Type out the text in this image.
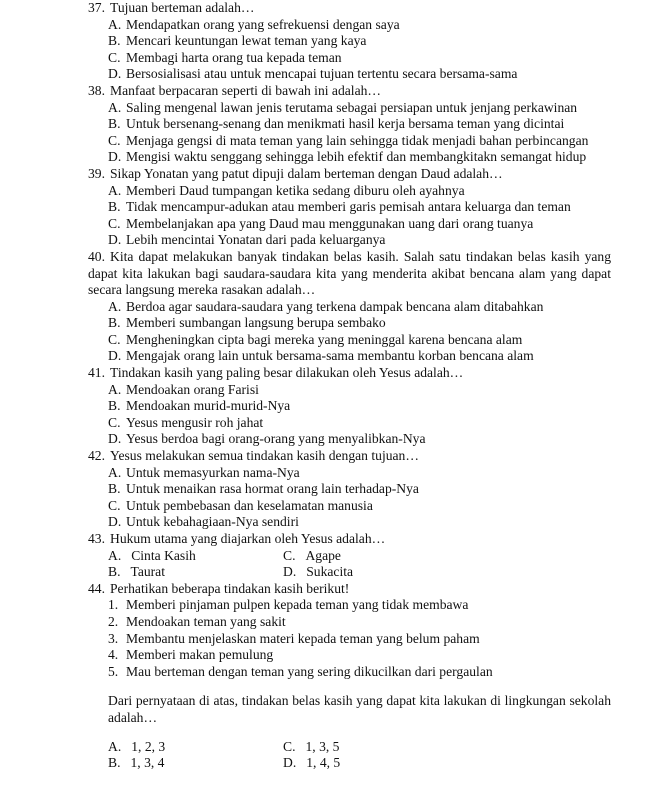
37. Tujuan berteman adalah…
A. Mendapatkan orang yang sefrekuensi dengan saya
B. Mencari keuntungan lewat teman yang kaya
C. Membagi harta orang tua kepada teman
D. Bersosialisasi atau untuk mencapai tujuan tertentu secara bersama-sama
38. Manfaat berpacaran seperti di bawah ini adalah…
A. Saling mengenal lawan jenis terutama sebagai persiapan untuk jenjang perkawinan
B. Untuk bersenang-senang dan menikmati hasil kerja bersama teman yang dicintai
C. Menjaga gengsi di mata teman yang lain sehingga tidak menjadi bahan perbincangan
D. Mengisi waktu senggang sehingga lebih efektif dan membangkitakn semangat hidup
39. Sikap Yonatan yang patut dipuji dalam berteman dengan Daud adalah…
A. Memberi Daud tumpangan ketika sedang diburu oleh ayahnya
B. Tidak mencampur-adukan atau memberi garis pemisah antara keluarga dan teman
C. Membelanjakan apa yang Daud mau menggunakan uang dari orang tuanya
D. Lebih mencintai Yonatan dari pada keluarganya
40. Kita dapat melakukan banyak tindakan belas kasih. Salah satu tindakan belas kasih yang dapat kita lakukan bagi saudara-saudara kita yang menderita akibat bencana alam yang dapat secara langsung mereka rasakan adalah…
A. Berdoa agar saudara-saudara yang terkena dampak bencana alam ditabahkan
B. Memberi sumbangan langsung berupa sembako
C. Mengheningkan cipta bagi mereka yang meninggal karena bencana alam
D. Mengajak orang lain untuk bersama-sama membantu korban bencana alam
41. Tindakan kasih yang paling besar dilakukan oleh Yesus adalah…
A. Mendoakan orang Farisi
B. Mendoakan murid-murid-Nya
C. Yesus mengusir roh jahat
D. Yesus berdoa bagi orang-orang yang menyalibkan-Nya
42. Yesus melakukan semua tindakan kasih dengan tujuan…
A. Untuk memasyurkan nama-Nya
B. Untuk menaikan rasa hormat orang lain terhadap-Nya
C. Untuk pembebasan dan keselamatan manusia
D. Untuk kebahagiaan-Nya sendiri
43. Hukum utama yang diajarkan oleh Yesus adalah…
A. Cinta Kasih	C. Agape
B. Taurat	D. Sukacita
44. Perhatikan beberapa tindakan kasih berikut!
1. Memberi pinjaman pulpen kepada teman yang tidak membawa
2. Mendoakan teman yang sakit
3. Membantu menjelaskan materi kepada teman yang belum paham
4. Memberi makan pemulung
5. Mau berteman dengan teman yang sering dikucilkan dari pergaulan
Dari pernyataan di atas, tindakan belas kasih yang dapat kita lakukan di lingkungan sekolah adalah…
A. 1, 2, 3	C. 1, 3, 5
B. 1, 3, 4	D. 1, 4, 5
